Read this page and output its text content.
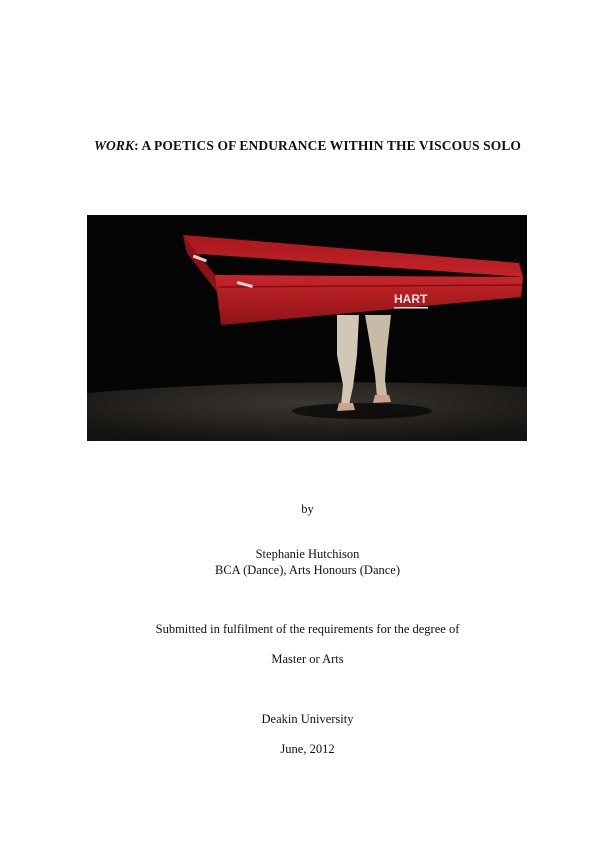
WORK: A POETICS OF ENDURANCE WITHIN THE VISCOUS SOLO
HART
by
Stephanie Hutchison
BCA (Dance), Arts Honours (Dance)
Submitted in fulfilment of the requirements for the degree of
Master or Arts
Deakin University
June, 2012
